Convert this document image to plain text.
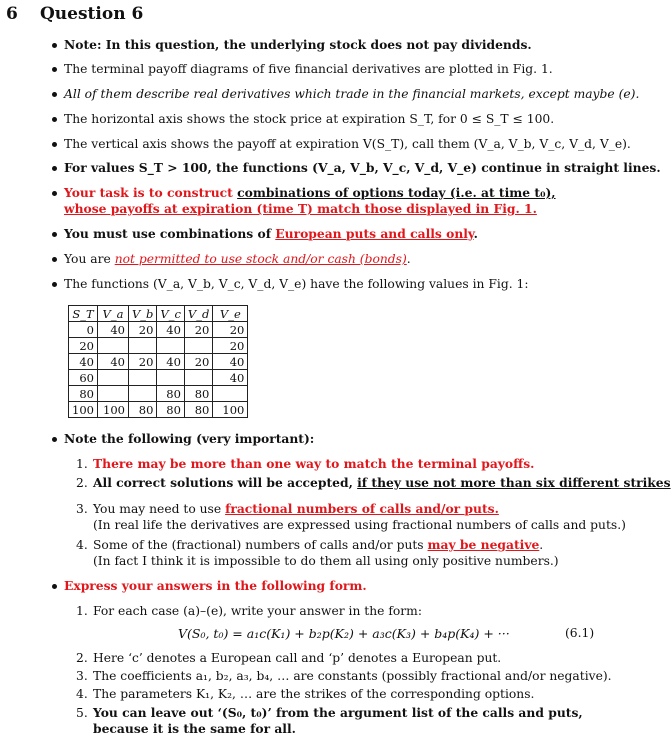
6 Question 6
Note: In this question, the underlying stock does not pay dividends.
The terminal payoff diagrams of five financial derivatives are plotted in Fig. 1.
All of them describe real derivatives which trade in the financial markets, except maybe (e).
The horizontal axis shows the stock price at expiration S_T, for 0 ≤ S_T ≤ 100.
The vertical axis shows the payoff at expiration V(S_T), call them (V_a, V_b, V_c, V_d, V_e).
For values S_T > 100, the functions (V_a, V_b, V_c, V_d, V_e) continue in straight lines.
Your task is to construct combinations of options today (i.e. at time t₀),
whose payoffs at expiration (time T) match those displayed in Fig. 1.
You must use combinations of European puts and calls only.
You are not permitted to use stock and/or cash (bonds).
The functions (V_a, V_b, V_c, V_d, V_e) have the following values in Fig. 1:
S_T	V_a	V_b	V_c	V_d	V_e
0	40	20	40	20	20
20					20
40	40	20	40	20	40
60					40
80			80	80	
100	100	80	80	80	100
Note the following (very important):
1. There may be more than one way to match the terminal payoffs.
2. All correct solutions will be accepted, if they use not more than six different strikes
3. You may need to use fractional numbers of calls and/or puts.
(In real life the derivatives are expressed using fractional numbers of calls and puts.)
4. Some of the (fractional) numbers of calls and/or puts may be negative.
(In fact I think it is impossible to do them all using only positive numbers.)
Express your answers in the following form.
1. For each case (a)–(e), write your answer in the form:
V(S₀, t₀) = a₁c(K₁) + b₂p(K₂) + a₃c(K₃) + b₄p(K₄) + ···	(6.1)
2. Here ‘c’ denotes a European call and ‘p’ denotes a European put.
3. The coefficients a₁, b₂, a₃, b₄, … are constants (possibly fractional and/or negative).
4. The parameters K₁, K₂, … are the strikes of the corresponding options.
5. You can leave out ‘(S₀, t₀)’ from the argument list of the calls and puts,
because it is the same for all.
